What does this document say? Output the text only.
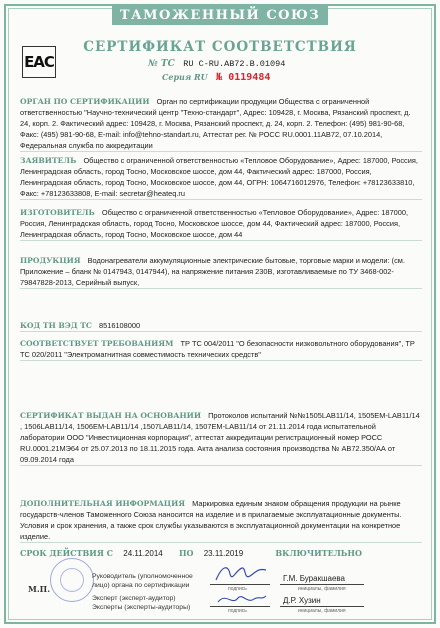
ТАМОЖЕННЫЙ СОЮЗ
СЕРТИФИКАТ СООТВЕТСТВИЯ
EAC	№ ТС RU С-RU.АВ72.В.01094
Серия RU № 0119484
ОРГАН ПО СЕРТИФИКАЦИИ Орган по сертификации продукции Общества с ограниченной ответственностью "Научно-технический центр "Техно-стандарт", Адрес: 109428, г. Москва, Рязанский проспект, д. 24, корп. 2. Фактический адрес: 109428, г. Москва, Рязанский проспект, д. 24, корп. 2. Телефон: (495) 981-90-68, Факс: (495) 981-90-68, E-mail: info@tehno-standart.ru, Аттестат рег. № РОСС RU.0001.11АВ72, 07.10.2014, Федеральная служба по аккредитации
ЗАЯВИТЕЛЬ Общество с ограниченной ответственностью «Тепловое Оборудование», Адрес: 187000, Россия, Ленинградская область, город Тосно, Московское шоссе, дом 44, Фактический адрес: 187000, Россия, Ленинградская область, город Тосно, Московское шоссе, дом 44, ОГРН: 1064716012976, Телефон: +78123633810, Факс: +78123633808, E-mail: secretar@heateq.ru
ИЗГОТОВИТЕЛЬ Общество с ограниченной ответственностью «Тепловое Оборудование», Адрес: 187000, Россия, Ленинградская область, город Тосно, Московское шоссе, дом 44, Фактический адрес: 187000, Россия, Ленинградская область, город Тосно, Московское шоссе, дом 44
ПРОДУКЦИЯ Водонагреватели аккумуляционные электрические бытовые, торговые марки и модели: (см. Приложение – бланк № 0147943, 0147944), на напряжение питания 230В, изготавливаемые по ТУ 3468-002-79847828-2013, Серийный выпуск,
КОД ТН ВЭД ТС 8516108000
СООТВЕТСТВУЕТ ТРЕБОВАНИЯМ ТР ТС 004/2011 "О безопасности низковольтного оборудования", ТР ТС 020/2011 "Электромагнитная совместимость технических средств"
СЕРТИФИКАТ ВЫДАН НА ОСНОВАНИИ Протоколов испытаний №№1505LAB11/14, 1505EM-LAB11/14 , 1506LAB11/14, 1506EM-LAB11/14 ,1507LAB11/14, 1507EM-LAB11/14 от 21.11.2014 года испытательной лаборатории ООО "Инвестиционная корпорация", аттестат аккредитации регистрационный номер РОСС RU.0001.21МЭ64 от 25.07.2013 по 18.11.2015 года. Акта анализа состояния производства № АВ72.350/АА от 09.09.2014 года
ДОПОЛНИТЕЛЬНАЯ ИНФОРМАЦИЯ Маркировка единым знаком обращения продукции на рынке государств-членов Таможенного Союза наносится на изделие и в прилагаемые эксплуатационные документы. Условия и срок хранения, а также срок службы указываются в эксплуатационной документации на конкретное изделие.
СРОК ДЕЙСТВИЯ С 24.11.2014 ПО 23.11.2019	ВКЛЮЧИТЕЛЬНО
М.П.
Руководитель (уполномоченное лицо) органа по сертификации	подпись
Г.М. Буракшаева
инициалы, фамилия
Эксперт (эксперт-аудитор) Эксперты (эксперты-аудиторы)	подпись
Д.Р. Хузин
инициалы, фамилия
